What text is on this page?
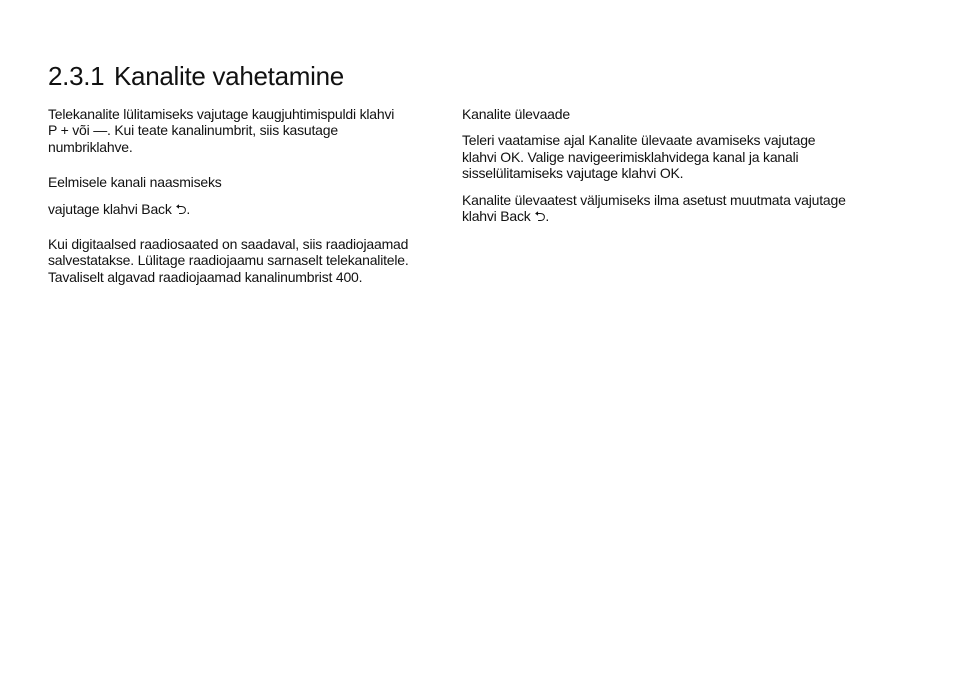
2.3.1 Kanalite vahetamine

Telekanalite lülitamiseks vajutage kaugjuhtimispuldi klahvi P + või —. Kui teate kanalinumbrit, siis kasutage numbriklahve.

Eelmisele kanali naasmiseks

vajutage klahvi Back ⮌.

Kui digitaalsed raadiosaated on saadaval, siis raadiojaamad salvestatakse. Lülitage raadiojaamu sarnaselt telekanalitele. Tavaliselt algavad raadiojaamad kanalinumbrist 400.

Kanalite ülevaade

Teleri vaatamise ajal Kanalite ülevaate avamiseks vajutage klahvi OK. Valige navigeerimisklahvidega kanal ja kanali sisselülitamiseks vajutage klahvi OK.

Kanalite ülevaatest väljumiseks ilma asetust muutmata vajutage klahvi Back ⮌.
